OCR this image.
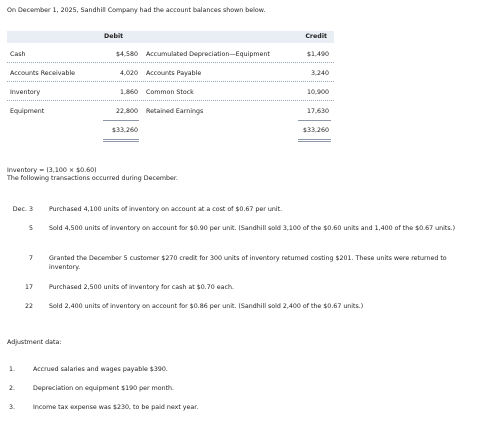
On December 1, 2025, Sandhill Company had the account balances shown below.
Debit	Credit
Cash	$4,580 Accumulated Depreciation—Equipment	$1,490
Accounts Receivable	4,020 Accounts Payable	3,240
Inventory	1,860 Common Stock	10,900
Equipment	22,800 Retained Earnings	17,630
$33,260	$33,260
Inventory = (3,100 × $0.60)
The following transactions occurred during December.
Dec. 3	Purchased 4,100 units of inventory on account at a cost of $0.67 per unit.
5	Sold 4,500 units of inventory on account for $0.90 per unit. (Sandhill sold 3,100 of the $0.60 units and 1,400 of the $0.67 units.)
7	Granted the December 5 customer $270 credit for 300 units of inventory returned costing $201. These units were returned to inventory.
17	Purchased 2,500 units of inventory for cash at $0.70 each.
22	Sold 2,400 units of inventory on account for $0.86 per unit. (Sandhill sold 2,400 of the $0.67 units.)
Adjustment data:
1.	Accrued salaries and wages payable $390.
2.	Depreciation on equipment $190 per month.
3.	Income tax expense was $230, to be paid next year.
